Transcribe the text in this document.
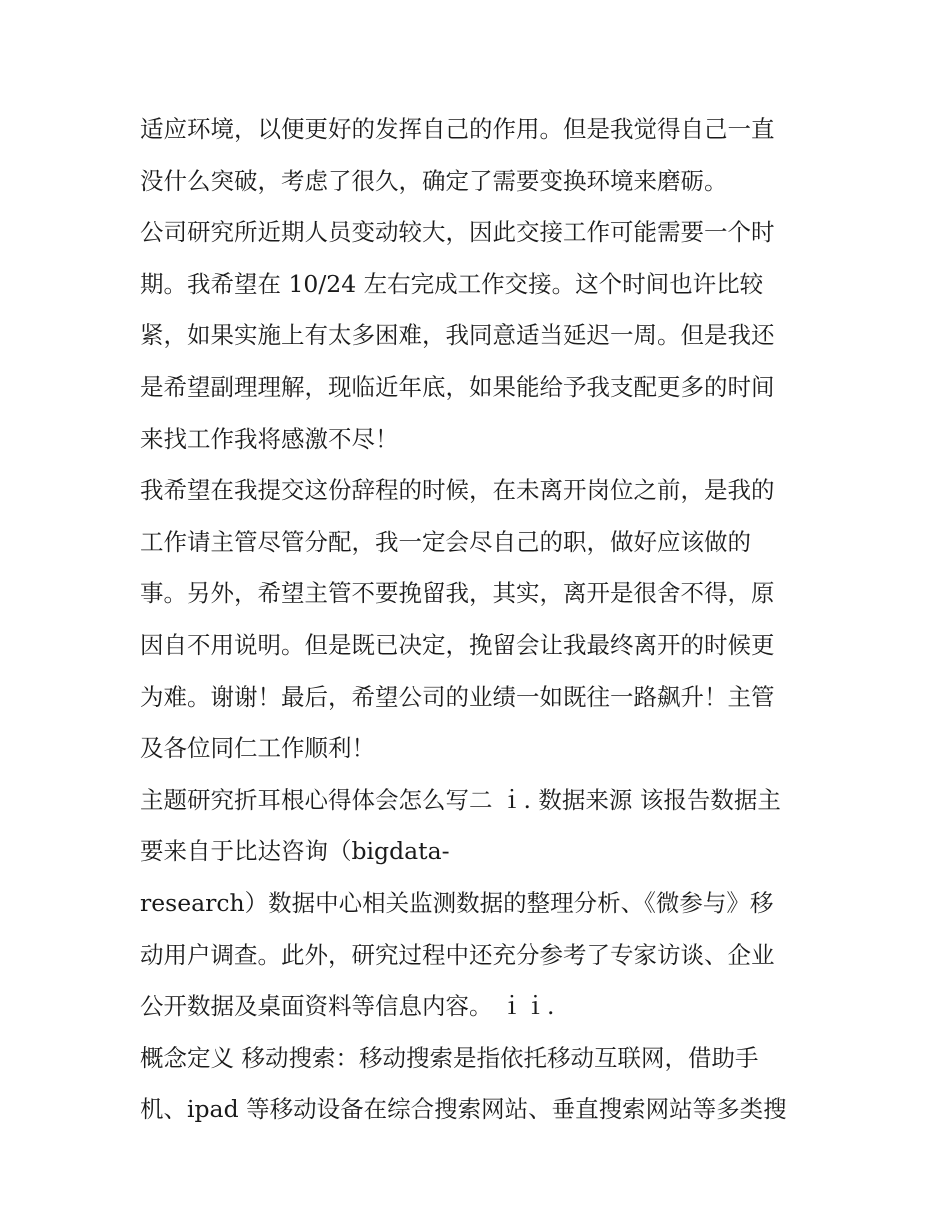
适应环境，以便更好的发挥自己的作用。但是我觉得自己一直

没什么突破，考虑了很久，确定了需要变换环境来磨砺。

公司研究所近期人员变动较大，因此交接工作可能需要一个时

期。我希望在 10/24 左右完成工作交接。这个时间也许比较

紧，如果实施上有太多困难，我同意适当延迟一周。但是我还

是希望副理理解，现临近年底，如果能给予我支配更多的时间

来找工作我将感激不尽！

我希望在我提交这份辞程的时候，在未离开岗位之前，是我的

工作请主管尽管分配，我一定会尽自己的职，做好应该做的

事。另外，希望主管不要挽留我，其实，离开是很舍不得，原

因自不用说明。但是既已决定，挽留会让我最终离开的时候更

为难。谢谢！最后，希望公司的业绩一如既往一路飙升！主管

及各位同仁工作顺利！

主题研究折耳根心得体会怎么写二 ｉ. 数据来源 该报告数据主

要来自于比达咨询（bigdata-

research）数据中心相关监测数据的整理分析、《微参与》移

动用户调查。此外，研究过程中还充分参考了专家访谈、企业

公开数据及桌面资料等信息内容。 ｉｉ.

概念定义 移动搜索：移动搜索是指依托移动互联网，借助手

机、ipad 等移动设备在综合搜索网站、垂直搜索网站等多类搜
